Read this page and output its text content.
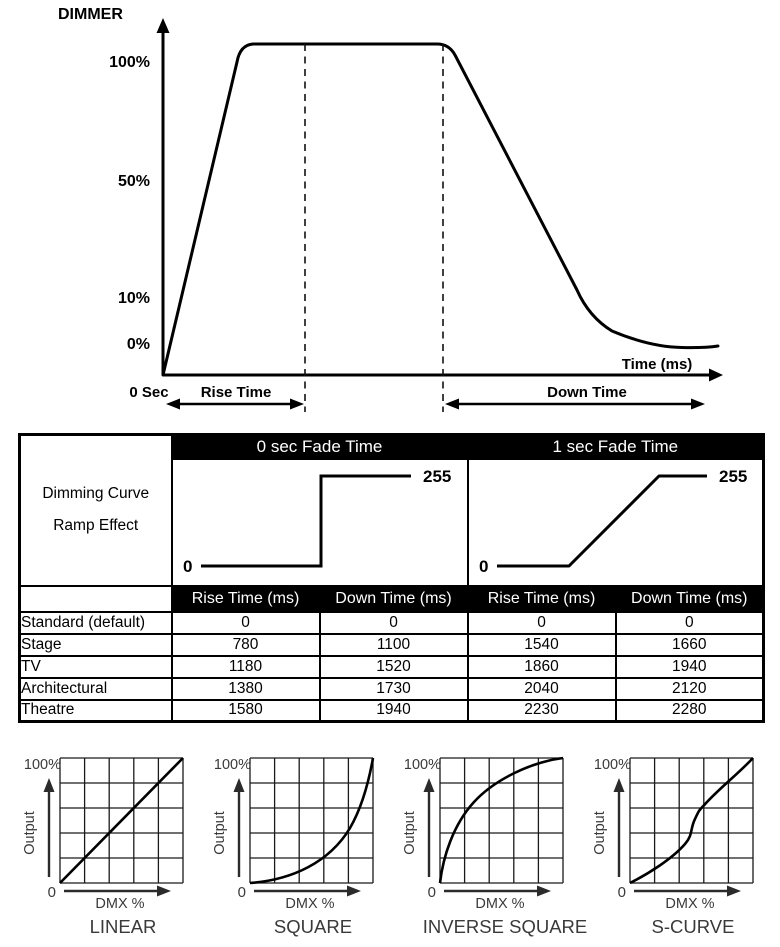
DIMMER
100%
50%
10%
0%
Time (ms)
0 Sec Rise Time	Down Time
Dimming Curve
Ramp Effect	0 sec Fade Time		1 sec Fade Time	

0
255		0
255	

	Rise Time (ms)	Down Time (ms)	Rise Time (ms)	Down Time (ms)
Standard (default)	0	0	0	0
Stage	780	1100	1540	1660
TV	1180	1520	1860	1940
Architectural	1380	1730	2040	2120
Theatre	1580	1940	2230	2280
100%
0
Output
DMX %
LINEAR
100%
0
Output
DMX %
SQUARE
100%
0
Output
DMX %
INVERSE SQUARE
100%
0
Output
DMX %
S-CURVE
